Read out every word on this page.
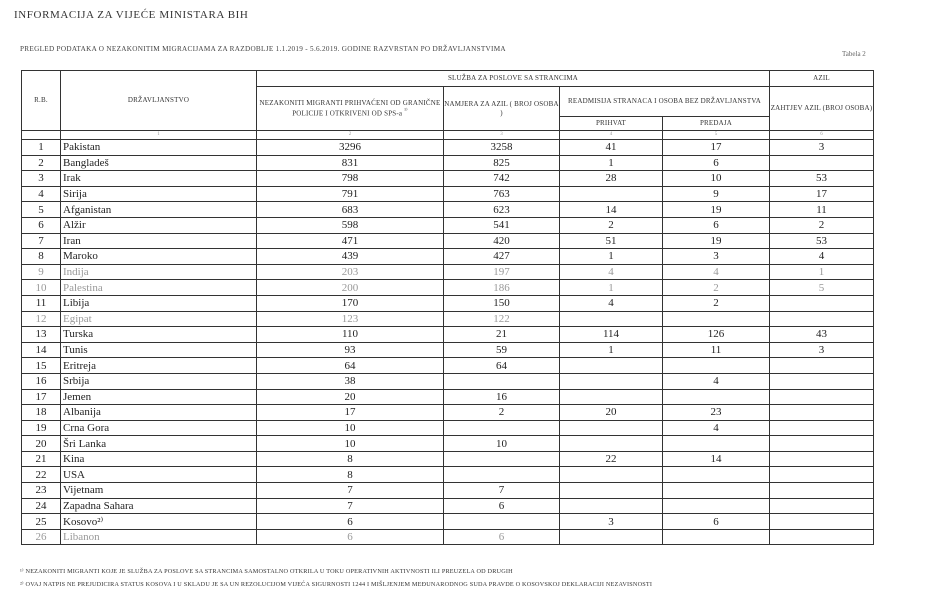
INFORMACIJA ZA VIJEĆE MINISTARA BIH
PREGLED PODATAKA O NEZAKONITIM MIGRACIJAMA ZA RAZDOBLJE 1.1.2019 - 5.6.2019. GODINE RAZVRSTAN PO DRŽAVLJANSTVIMA
Tabela 2
R.B.	DRŽAVLJANSTVO	SLUŽBA ZA POSLOVE SA STRANCIMA				AZIL
		NEZAKONITI MIGRANTI PRIHVAĆENI OD GRANIČNE POLICIJE I OTKRIVENI OD SPS-a $^{^{1)}}$	NAMJERA ZA AZIL ( BROJ OSOBA )	READMISIJA STRANACA I OSOBA BEZ DRŽAVLJANSTVA		ZAHTJEV AZIL (BROJ OSOBA)
				PRIHVAT	PREDAJA	
	1	2	3	4	5	6
1	Pakistan	3296	3258	41	17	3
2	Bangladeš	831	825	1	6	
3	Irak	798	742	28	10	53
4	Sirija	791	763		9	17
5	Afganistan	683	623	14	19	11
6	Alžir	598	541	2	6	2
7	Iran	471	420	51	19	53
8	Maroko	439	427	1	3	4
9	Indija	203	197	4	4	1
10	Palestina	200	186	1	2	5
11	Libija	170	150	4	2	
12	Egipat	123	122			
13	Turska	110	21	114	126	43
14	Tunis	93	59	1	11	3
15	Eritreja	64	64			
16	Srbija	38			4	
17	Jemen	20	16			
18	Albanija	17	2	20	23	
19	Crna Gora	10			4	
20	Šri Lanka	10	10			
21	Kina	8		22	14	
22	USA	8				
23	Vijetnam	7	7			
24	Zapadna Sahara	7	6			
25	Kosovo²⁾	6		3	6	
26	Libanon	6	6			
¹⁾ NEZAKONITI MIGRANTI KOJE JE SLUŽBA ZA POSLOVE SA STRANCIMA SAMOSTALNO OTKRILA U TOKU OPERATIVNIH AKTIVNOSTI ILI PREUZELA OD DRUGIH
²⁾ OVAJ NATPIS NE PREJUDICIRA STATUS KOSOVA I U SKLADU JE SA UN REZOLUCIJOM VIJEĆA SIGURNOSTI 1244 I MIŠLJENJEM MEĐUNARODNOG SUDA PRAVDE O KOSOVSKOJ DEKLARACIJI NEZAVISNOSTI
